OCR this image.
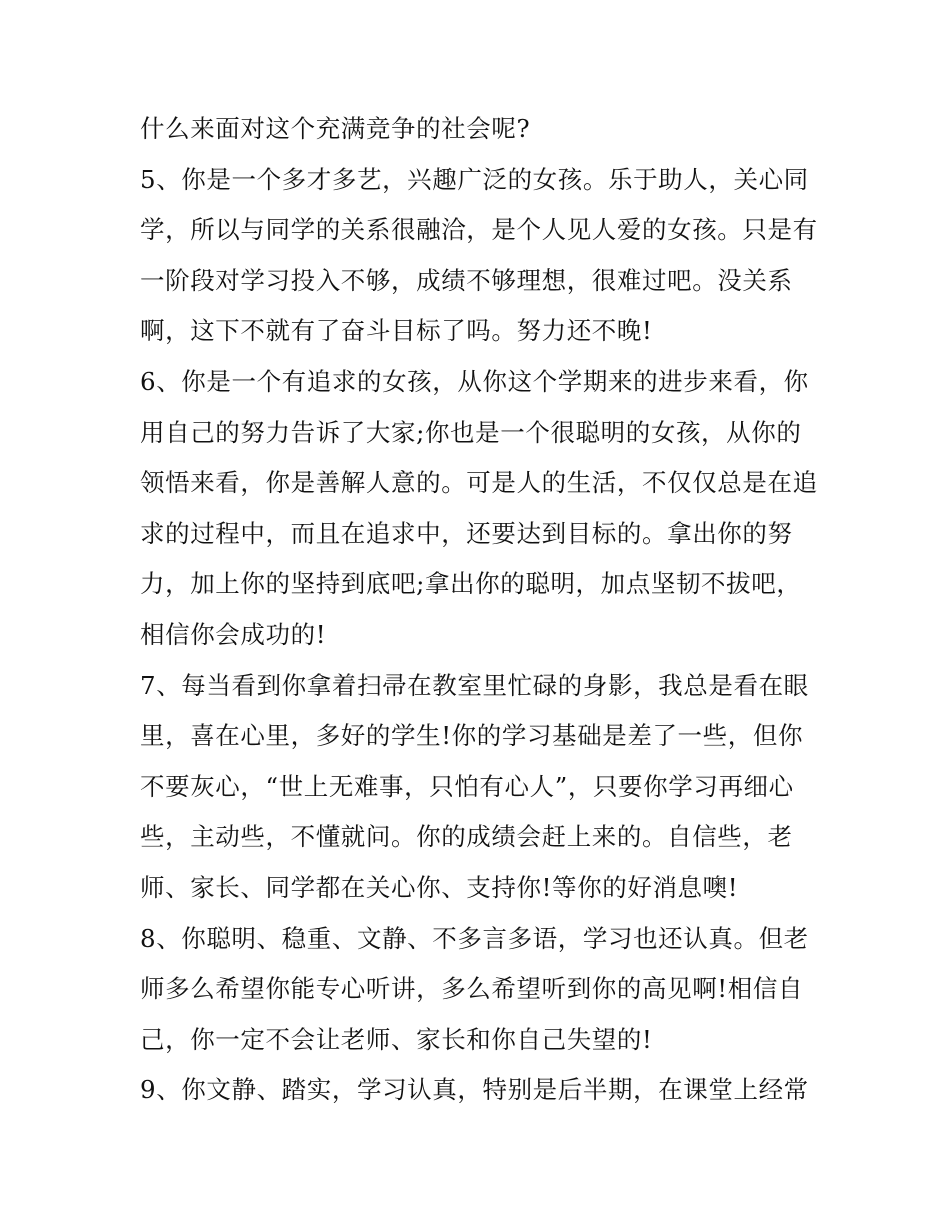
什么来面对这个充满竞争的社会呢?
5、你是一个多才多艺，兴趣广泛的女孩。乐于助人，关心同
学，所以与同学的关系很融洽，是个人见人爱的女孩。只是有
一阶段对学习投入不够，成绩不够理想，很难过吧。没关系
啊，这下不就有了奋斗目标了吗。努力还不晚!
6、你是一个有追求的女孩，从你这个学期来的进步来看，你
用自己的努力告诉了大家;你也是一个很聪明的女孩，从你的
领悟来看，你是善解人意的。可是人的生活，不仅仅总是在追
求的过程中，而且在追求中，还要达到目标的。拿出你的努
力，加上你的坚持到底吧;拿出你的聪明，加点坚韧不拔吧，
相信你会成功的!
7、每当看到你拿着扫帚在教室里忙碌的身影，我总是看在眼
里，喜在心里，多好的学生!你的学习基础是差了一些，但你
不要灰心，“世上无难事，只怕有心人”，只要你学习再细心
些，主动些，不懂就问。你的成绩会赶上来的。自信些，老
师、家长、同学都在关心你、支持你!等你的好消息噢!
8、你聪明、稳重、文静、不多言多语，学习也还认真。但老
师多么希望你能专心听讲，多么希望听到你的高见啊!相信自
己，你一定不会让老师、家长和你自己失望的!
9、你文静、踏实，学习认真，特别是后半期，在课堂上经常
